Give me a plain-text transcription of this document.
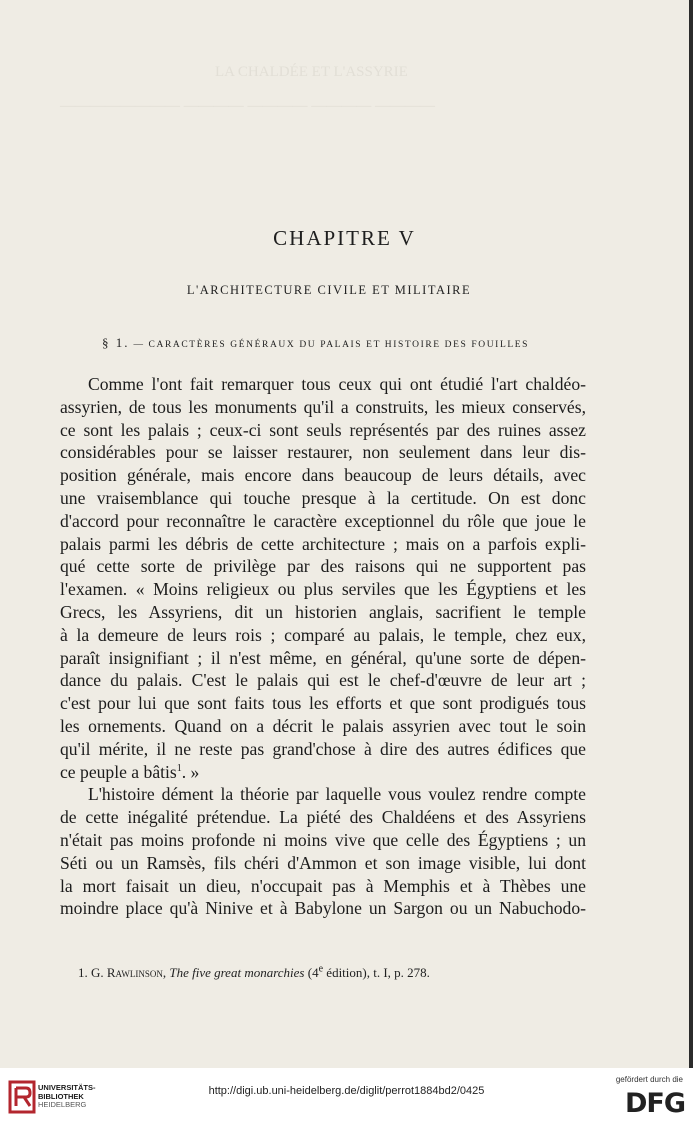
LA CHALDÉE ET L'ASSYRIE
———————— ———— ———— ———— ————
CHAPITRE V
L'ARCHITECTURE CIVILE ET MILITAIRE
§ 1. — CARACTÈRES GÉNÉRAUX DU PALAIS ET HISTOIRE DES FOUILLES
Comme l'ont fait remarquer tous ceux qui ont étudié l'art chaldéo-
assyrien, de tous les monuments qu'il a construits, les mieux conservés,
ce sont les palais ; ceux-ci sont seuls représentés par des ruines assez
considérables pour se laisser restaurer, non seulement dans leur dis-
position générale, mais encore dans beaucoup de leurs détails, avec
une vraisemblance qui touche presque à la certitude. On est donc
d'accord pour reconnaître le caractère exceptionnel du rôle que joue le
palais parmi les débris de cette architecture ; mais on a parfois expli-
qué cette sorte de privilège par des raisons qui ne supportent pas
l'examen. « Moins religieux ou plus serviles que les Égyptiens et les
Grecs, les Assyriens, dit un historien anglais, sacrifient le temple
à la demeure de leurs rois ; comparé au palais, le temple, chez eux,
paraît insignifiant ; il n'est même, en général, qu'une sorte de dépen-
dance du palais. C'est le palais qui est le chef-d'œuvre de leur art ;
c'est pour lui que sont faits tous les efforts et que sont prodigués tous
les ornements. Quand on a décrit le palais assyrien avec tout le soin
qu'il mérite, il ne reste pas grand'chose à dire des autres édifices que
ce peuple a bâtis$^1$. »
L'histoire dément la théorie par laquelle vous voulez rendre compte
de cette inégalité prétendue. La piété des Chaldéens et des Assyriens
n'était pas moins profonde ni moins vive que celle des Égyptiens ; un
Séti ou un Ramsès, fils chéri d'Ammon et son image visible, lui dont
la mort faisait un dieu, n'occupait pas à Memphis et à Thèbes une
moindre place qu'à Ninive et à Babylone un Sargon ou un Nabuchodo-
1. G. Rawlinson, The five great monarchies (4e édition), t. I, p. 278.
UNIVERSITÄTS-
BIBLIOTHEK
HEIDELBERG
http://digi.ub.uni-heidelberg.de/diglit/perrot1884bd2/0425
gefördert durch die
DFG
